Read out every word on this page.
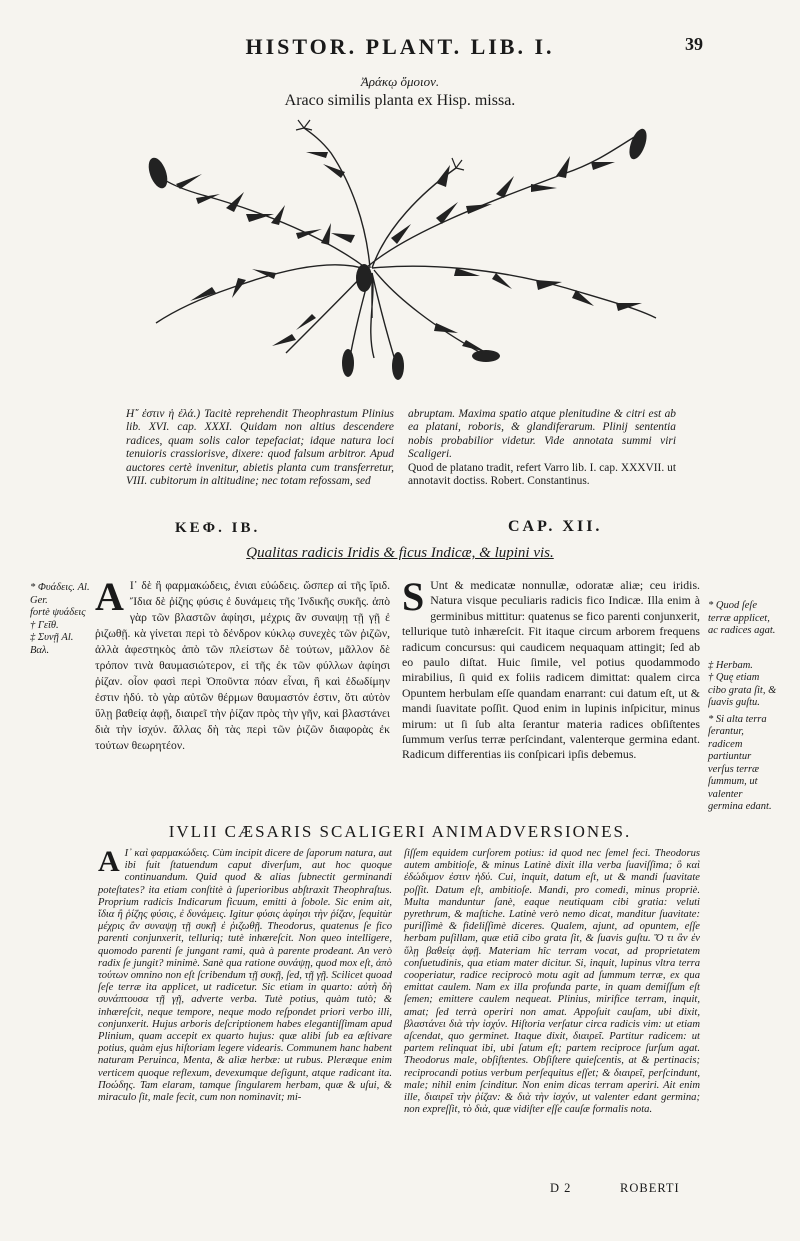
HISTOR. PLANT. LIB. I.	39
Ἀράκῳ ὅμοιον.
Araco similis planta ex Hisp. missa.

Η῎ ἐστιν ἡ ἐλά.) Tacitè reprehendit Theophrastum Plinius lib. XVI. cap. XXXI. Quidam non altius descendere radices, quam solis calor tepefaciat; idque natura loci tenuioris crassiorisve, dixere: quod falsum arbitror. Apud auctores certè invenitur, abietis planta cum transferretur, VIII. cubitorum in altitudine; nec totam refossam, sed

abruptam. Maxima spatio atque plenitudine & citri est ab ea platani, roboris, & glandiferarum. Plinij sententia nobis probabilior videtur. Vide annotata summi viri Scaligeri.

Quod de platano tradit, refert Varro lib. I. cap. XXXVII. ut annotavit doctiss. Robert. Constantinus.

ΚΕΦ. ΙΒ.	CAP. XII.
Qualitas radicis Iridis & ficus Indicæ, & lupini vis.
* Φυάδεις. Al. Ger.
fortè ψυάδεις
† Γεῖθ.
‡ Συνῇ Al. Βαλ.
Α Ι᾽ δὲ ἢ φαρμακώδεις, ἐνιαι εὐώδεις. ὥσπερ αἱ τῆς ἴριδ. Ἴδια δὲ ῥίζης φύσις ἐ δυνάμεις τῆς Ἰνδικῆς συκῆς. ἀπὸ γὰρ τῶν βλαστῶν ἀφίησι, μέχρις ἂν συναψῃ τῇ γῇ ἐ ῥιζωθῇ. κὰ γίνεται περὶ τὸ δένδρον κύκλῳ συνεχὲς τῶν ῥιζῶν, ἀλλὰ ἀφεστηκὸς ἀπὸ τῶν πλείστων δὲ τούτων, μᾶλλον δὲ τρόπον τινὰ θαυμασιώτερον, εἰ τῆς ἐκ τῶν φύλλων ἀφίησι ῥίζαν. οἷον φασὶ περὶ Ὀποῦντα πόαν εἶναι, ἢ καὶ ἐδωδίμην ἐστιν ἡδύ. τὸ γὰρ αὐτῶν θέρμων θαυμαστόν ἐστιν, ὅτι αὐτὸν ὕλῃ βαθείᾳ ἀφῇ, διαιρεῖ τὴν ῥίζαν πρὸς τὴν γῆν, καὶ βλαστάνει διὰ τὴν ἰσχύν. ἄλλας δὴ τὰς περὶ τῶν ῥιζῶν διαφορὰς ἐκ τούτων θεωρητέον.

S Unt & medicatæ nonnullæ, odoratæ aliæ; ceu iridis. Natura visque peculiaris radicis fico Indicæ. Illa enim à germinibus mittitur: quatenus se fico parenti conjunxerit, tellurique tutò inhæreſcit. Fit itaque circum arborem frequens radicum concursus: qui caudicem nequaquam attingit; ſed ab eo paulo diſtat. Huic ſimile, vel potius quodammodo mirabilius, ſi quid ex foliis radicem dimittat: qualem circa Opuntem herbulam eſſe quandam enarrant: cui datum eſt, ut & mandi ſuavitate poſſit. Quod enim in lupinis inſpicitur, minus mirum: ut ſi ſub alta ſerantur materia radices obſiſtentes ſummum verſus terræ perſcindant, valenterque germina edant. Radicum differentias iis conſpicari ipſis debemus.

* Quod ſeſe terræ applicet, ac radices agat.
‡ Herbam.
† Quę etiam cibo grata ſit, & ſuavis guſtu.
* Si alta terra ſerantur, radicem partiuntur verſus terræ ſummum, ut valenter germina edant.
IVLII CÆSARIS SCALIGERI ANIMADVERSIONES.
A Ι᾽ καὶ φαρμακώδεις. Cùm incipit dicere de ſaporum natura, aut ibi fuit ſtatuendum caput diverſum, aut hoc quoque continuandum. Quid quod & alias ſubnectit germinandi poteſtates? ita etiam conſtitè à ſuperioribus abſtraxit Theophraſtus. Proprium radicis Indicarum ficuum, emitti à ſobole. Sic enim ait, ἴδια ἢ ῥίζης φύσις, ἐ δυνάμεις. Igitur φύσις ἀφίησι τὴν ῥίζαν, ſequitùr μέχρις ἂν συναψῃ τῇ συκῇ ἐ ῥιζωθῇ. Theodorus, quatenus ſe fico parenti conjunxerit, telluriq; tutè inhæreſcit. Non queo intelligere, quomodo parenti ſe jungant rami, quà à parente prodeant. An verò radix ſe jungit? minimè. Sanè qua ratione συνάψῃ, quod mox eſt, ἀπὸ τούτων omnino non eſt ſcribendum τῇ συκῇ, ſed, τῇ γῇ. Scilicet quoad ſeſe terræ ita applicet, ut radicetur. Sic etiam in quarto: αὐτὴ δὴ συνάπτουσα τῇ γῇ, adverte verba. Tutè potius, quàm tutò; & inhæreſcit, neque tempore, neque modo reſpondet priori verbo illi, conjunxerit. Hujus arboris deſcriptionem habes elegantiſſimam apud Plinium, quam accepit ex quarto hujus: quæ alibi ſub ea æſtivare potius, quàm ejus hiſtoriam legere videaris. Communem hanc habent naturam Peruinca, Menta, & aliæ herbæ: ut rubus. Pleræque enim verticem quoque reflexum, devexumque deſigunt, atque radicant ita. Ποώδης. Tam elaram, tamque ſingularem herbam, quæ & uſui, & miraculo ſit, male fecit, cum non nominavit; mi-

ſiſſem equidem curſorem potius: id quod nec ſemel feci. Theodorus autem ambitioſe, & minus Latinè dixit illa verba ſuaviſſima; ὃ καὶ ἐδώδιμον ἐστιν ἡδύ. Cui, inquit, datum eſt, ut & mandi ſuavitate poſſit. Datum eſt, ambitioſe. Mandi, pro comedi, minus propriè. Multa manduntur ſanè, eaque neutiquam cibi gratia: veluti pyrethrum, & maſtiche. Latinè verò nemo dicat, manditur ſuavitate: puriſſimè & fideliſſimè diceres. Qualem, ajunt, ad opuntem, eſſe herbam puſillam, quæ etiã cibo grata ſit, & ſuavis guſtu. Ὅ τι ἂν ἐν ὕλῃ βαθείᾳ ἀφῇ. Materiam hîc terram vocat, ad proprietatem conſuetudinis, qua etiam mater dicitur. Si, inquit, lupinus vltra terra cooperiatur, radice reciprocò motu agit ad ſummum terræ, ex qua emittat caulem. Nam ex illa profunda parte, in quam demiſſum eſt ſemen; emittere caulem nequeat. Plinius, mirifice terram, inquit, amat; ſed terrà operiri non amat. Appoſuit cauſam, ubi dixit, βλαστάνει διὰ τὴν ἰσχύν. Hiſtoria verſatur circa radicis vim: ut etiam aſcendat, quo germinet. Itaque dixit, διαιρεῖ. Partitur radicem: ut partem relinquat ibi, ubi ſatum eſt; partem reciproce ſurſum agat. Theodorus male, obſiſtentes. Obſiſtere quieſcentis, at & pertinacis; reciprocandi potius verbum perſequitus eſſet; & διαιρεῖ, perſcindunt, male; nihil enim ſcinditur. Non enim dicas terram aperiri. Ait enim ille, διαιρεῖ τὴν ῥίζαν: & διὰ τὴν ἰσχύν, ut valenter edant germina; non expreſſit, τὸ διὰ, quæ vidiſter eſſe cauſæ formalis nota.

D 2	ROBERTI
